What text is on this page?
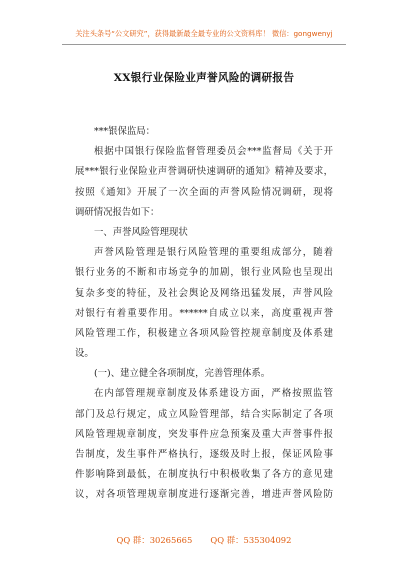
关注头条号“公文研究”，获得最新最全最专业的公文资料库！ 微信：gongwenyj
XX银行业保险业声誉风险的调研报告
***银保监局：
根据中国银行保险监督管理委员会***监督局《关于开
展***银行业保险业声誉调研快速调研的通知》精神及要求，
按照《通知》开展了一次全面的声誉风险情况调研，现将
调研情况报告如下：
一、声誉风险管理现状
声誉风险管理是银行风险管理的重要组成部分，随着
银行业务的不断和市场竞争的加剧，银行业风险也呈现出
复杂多变的特征，及社会舆论及网络迅猛发展，声誉风险
对银行有着重要作用。******自成立以来，高度重视声誉
风险管理工作，积极建立各项风险管控规章制度及体系建
设。
(一)、建立健全各项制度，完善管理体系。
在内部管理规章制度及体系建设方面，严格按照监管
部门及总行规定，成立风险管理部，结合实际制定了各项
风险管理规章制度，突发事件应急预案及重大声誉事件报
告制度，发生事件严格执行，逐级及时上报，保证风险事
件影响降到最低，在制度执行中积极收集了各方的意见建
议，对各项管理规章制度进行逐渐完善，增进声誉风险防
QQ 群：30265665 QQ 群：535304092
